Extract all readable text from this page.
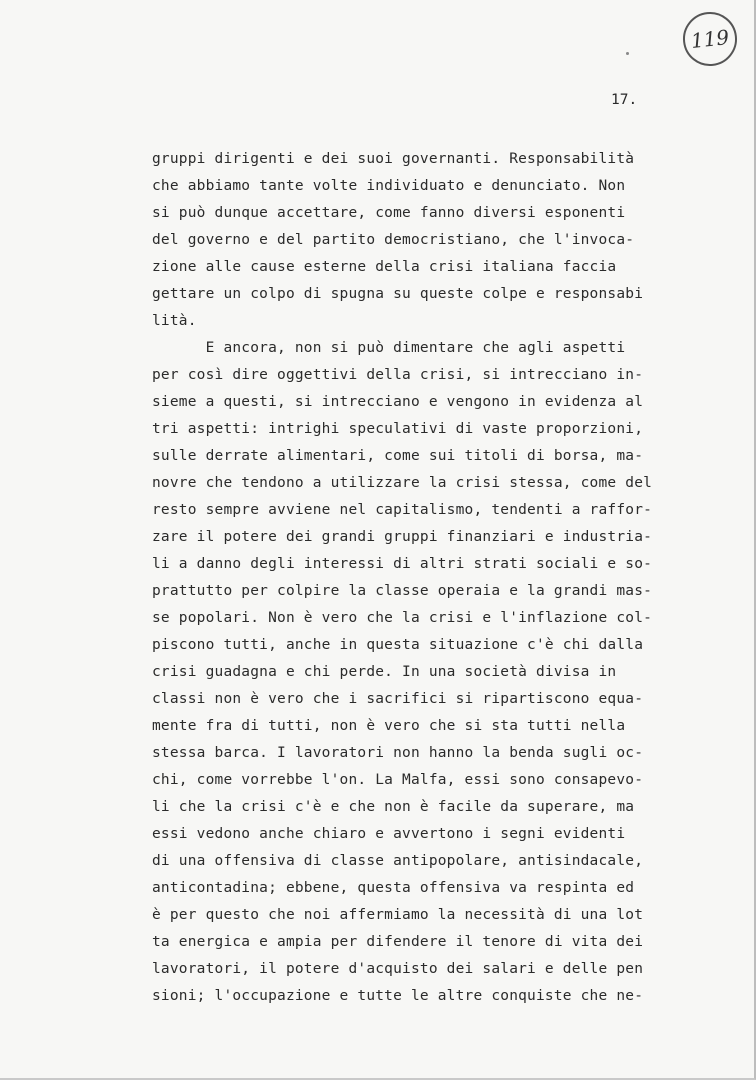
119
17.
gruppi dirigenti e dei suoi governanti. Responsabilità
che abbiamo tante volte individuato e denunciato. Non
si può dunque accettare, come fanno diversi esponenti
del governo e del partito democristiano, che l'invoca-
zione alle cause esterne della crisi italiana faccia
gettare un colpo di spugna su queste colpe e responsabi
lità.
E ancora, non si può dimentare che agli aspetti
per così dire oggettivi della crisi, si intrecciano in-
sieme a questi, si intrecciano e vengono in evidenza al
tri aspetti: intrighi speculativi di vaste proporzioni,
sulle derrate alimentari, come sui titoli di borsa, ma-
novre che tendono a utilizzare la crisi stessa, come del
resto sempre avviene nel capitalismo, tendenti a raffor-
zare il potere dei grandi gruppi finanziari e industria-
li a danno degli interessi di altri strati sociali e so-
prattutto per colpire la classe operaia e la grandi mas-
se popolari. Non è vero che la crisi e l'inflazione col-
piscono tutti, anche in questa situazione c'è chi dalla
crisi guadagna e chi perde. In una società divisa in
classi non è vero che i sacrifici si ripartiscono equa-
mente fra di tutti, non è vero che si sta tutti nella
stessa barca. I lavoratori non hanno la benda sugli oc-
chi, come vorrebbe l'on. La Malfa, essi sono consapevo-
li che la crisi c'è e che non è facile da superare, ma
essi vedono anche chiaro e avvertono i segni evidenti
di una offensiva di classe antipopolare, antisindacale,
anticontadina; ebbene, questa offensiva va respinta ed
è per questo che noi affermiamo la necessità di una lot
ta energica e ampia per difendere il tenore di vita dei
lavoratori, il potere d'acquisto dei salari e delle pen
sioni; l'occupazione e tutte le altre conquiste che ne-
